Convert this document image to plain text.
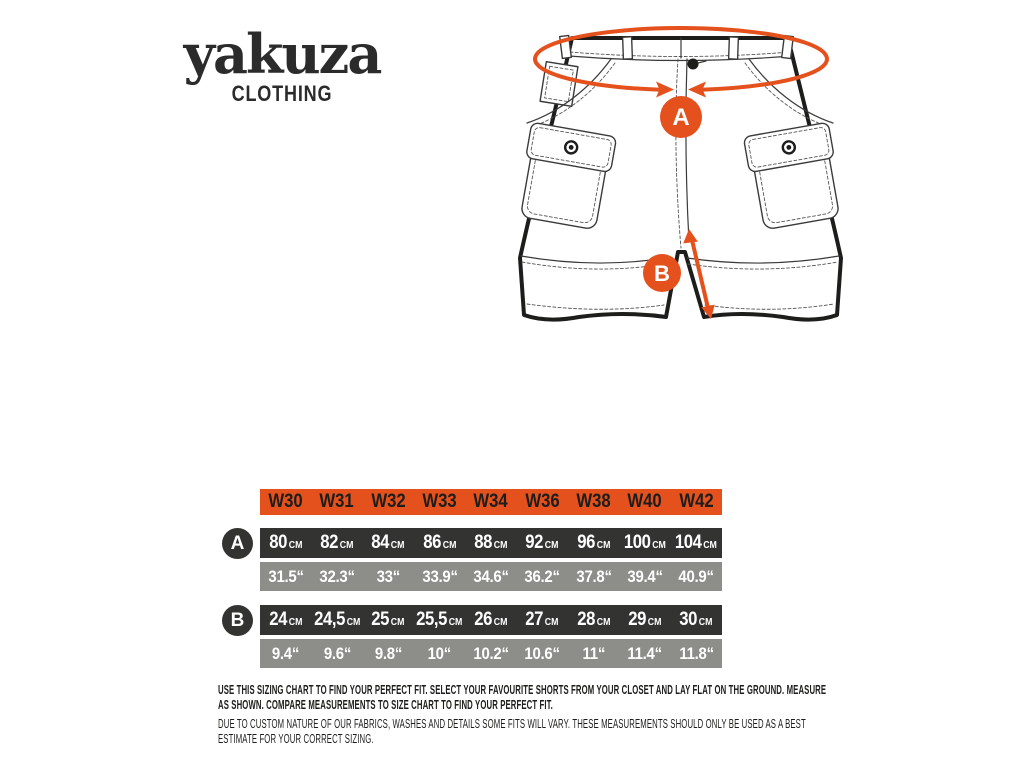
yakuza
CLOTHING
A
B
W30 W31 W32 W33 W34 W36 W38 W40 W42
A	80 CM 82 CM 84 CM 86 CM 88 CM 92 CM 96 CM 100 CM 104 CM
31.5“ 32.3“ 33“ 33.9“ 34.6“ 36.2“ 37.8“ 39.4“ 40.9“
B	24 CM 24,5 CM 25 CM 25,5 CM 26 CM 27 CM 28 CM 29 CM 30 CM
9.4“ 9.6“ 9.8“ 10“ 10.2“ 10.6“ 11“ 11.4“ 11.8“
USE THIS SIZING CHART TO FIND YOUR PERFECT FIT. SELECT YOUR FAVOURITE SHORTS FROM YOUR CLOSET AND LAY FLAT ON THE GROUND. MEASURE
AS SHOWN. COMPARE MEASUREMENTS TO SIZE CHART TO FIND YOUR PERFECT FIT.
DUE TO CUSTOM NATURE OF OUR FABRICS, WASHES AND DETAILS SOME FITS WILL VARY. THESE MEASUREMENTS SHOULD ONLY BE USED AS A BEST
ESTIMATE FOR YOUR CORRECT SIZING.
